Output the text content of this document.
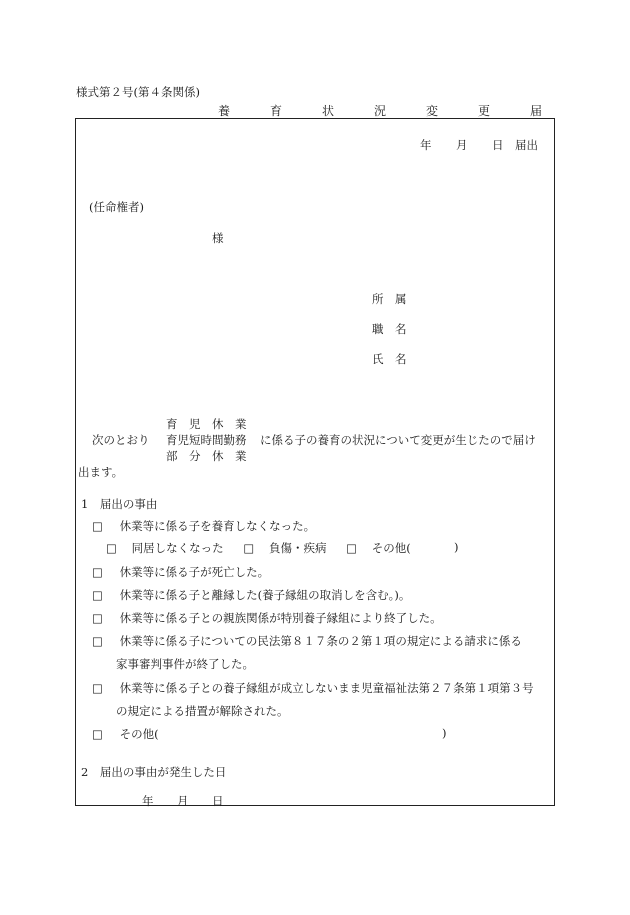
様式第２号(第４条関係)
養　育　状　況　変　更　届
年 月 日 届出
(任命権者)
様
所　属
職　名
氏　名
育　児　休　業
次のとおり 育児短時間勤務 に係る子の養育の状況について変更が生じたので届け
部　分　休　業
出ます。
1　届出の事由
□ 休業等に係る子を養育しなくなった。
□ 同居しなくなった □ 負傷・疾病 □ その他(	)
□ 休業等に係る子が死亡した。
□ 休業等に係る子と離縁した(養子縁組の取消しを含む。)。
□ 休業等に係る子との親族関係が特別養子縁組により終了した。
□ 休業等に係る子についての民法第８１７条の２第１項の規定による請求に係る
家事審判事件が終了した。
□ 休業等に係る子との養子縁組が成立しないまま児童福祉法第２７条第１項第３号
の規定による措置が解除された。
□ その他(	)
2　届出の事由が発生した日
年 月 日
